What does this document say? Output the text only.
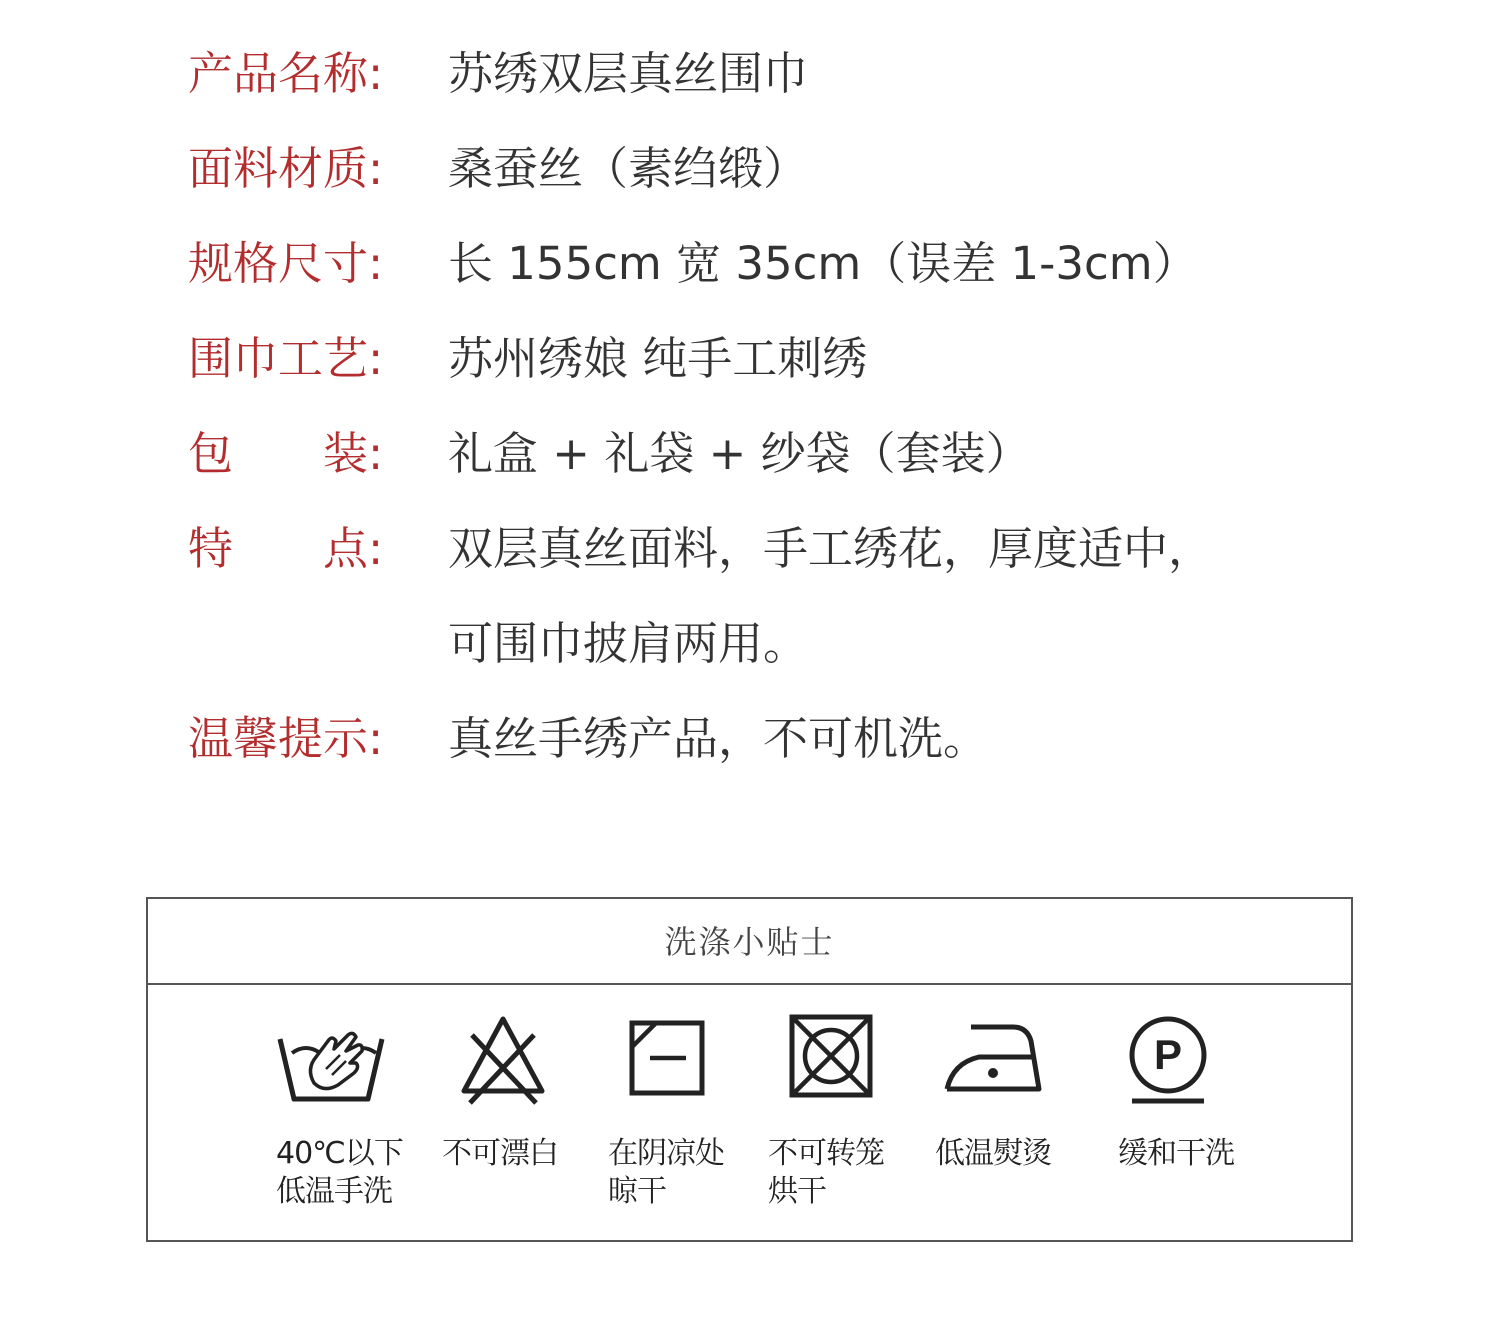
产品名称:	苏绣双层真丝围巾
面料材质:	桑蚕丝（素绉缎）
规格尺寸:	长 155cm 宽 35cm（误差 1-3cm）
围巾工艺:	苏州绣娘 纯手工刺绣
包　　装:	礼盒 + 礼袋 + 纱袋（套装）
特　　点:	双层真丝面料，手工绣花，厚度适中，
可围巾披肩两用。
温馨提示:	真丝手绣产品，不可机洗。
洗涤小贴士
40℃以下
低温手洗
不可漂白 在阴凉处
晾干
不可转笼
烘干
低温熨烫
P
缓和干洗
